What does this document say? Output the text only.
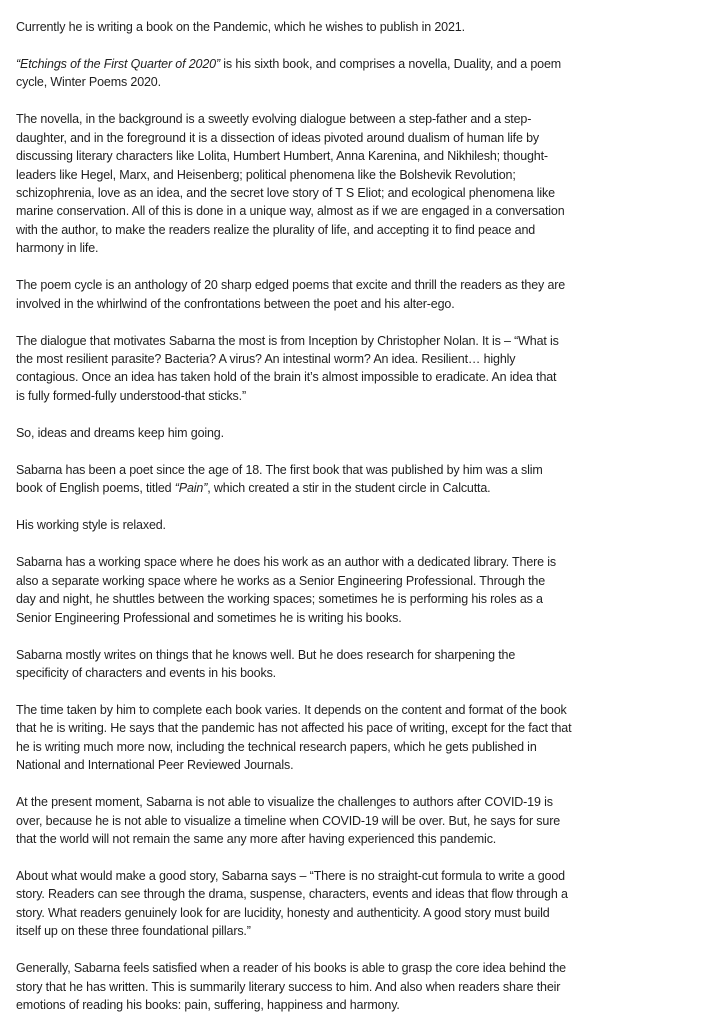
Currently he is writing a book on the Pandemic, which he wishes to publish in 2021.

“Etchings of the First Quarter of 2020” is his sixth book, and comprises a novella, Duality, and a poem cycle, Winter Poems 2020.

The novella, in the background is a sweetly evolving dialogue between a step-father and a step-daughter, and in the foreground it is a dissection of ideas pivoted around dualism of human life by discussing literary characters like Lolita, Humbert Humbert, Anna Karenina, and Nikhilesh; thought-leaders like Hegel, Marx, and Heisenberg; political phenomena like the Bolshevik Revolution; schizophrenia, love as an idea, and the secret love story of T S Eliot; and ecological phenomena like marine conservation. All of this is done in a unique way, almost as if we are engaged in a conversation with the author, to make the readers realize the plurality of life, and accepting it to find peace and harmony in life.

The poem cycle is an anthology of 20 sharp edged poems that excite and thrill the readers as they are involved in the whirlwind of the confrontations between the poet and his alter-ego.

The dialogue that motivates Sabarna the most is from Inception by Christopher Nolan. It is – “What is the most resilient parasite? Bacteria? A virus? An intestinal worm? An idea. Resilient… highly contagious. Once an idea has taken hold of the brain it’s almost impossible to eradicate. An idea that is fully formed-fully understood-that sticks.”

So, ideas and dreams keep him going.

Sabarna has been a poet since the age of 18. The first book that was published by him was a slim book of English poems, titled “Pain”, which created a stir in the student circle in Calcutta.

His working style is relaxed.

Sabarna has a working space where he does his work as an author with a dedicated library. There is also a separate working space where he works as a Senior Engineering Professional. Through the day and night, he shuttles between the working spaces; sometimes he is performing his roles as a Senior Engineering Professional and sometimes he is writing his books.

Sabarna mostly writes on things that he knows well. But he does research for sharpening the specificity of characters and events in his books.

The time taken by him to complete each book varies. It depends on the content and format of the book that he is writing. He says that the pandemic has not affected his pace of writing, except for the fact that he is writing much more now, including the technical research papers, which he gets published in National and International Peer Reviewed Journals.

At the present moment, Sabarna is not able to visualize the challenges to authors after COVID-19 is over, because he is not able to visualize a timeline when COVID-19 will be over. But, he says for sure that the world will not remain the same any more after having experienced this pandemic.

About what would make a good story, Sabarna says – “There is no straight-cut formula to write a good story. Readers can see through the drama, suspense, characters, events and ideas that flow through a story. What readers genuinely look for are lucidity, honesty and authenticity. A good story must build itself up on these three foundational pillars.”

Generally, Sabarna feels satisfied when a reader of his books is able to grasp the core idea behind the story that he has written. This is summarily literary success to him. And also when readers share their emotions of reading his books: pain, suffering, happiness and harmony.
